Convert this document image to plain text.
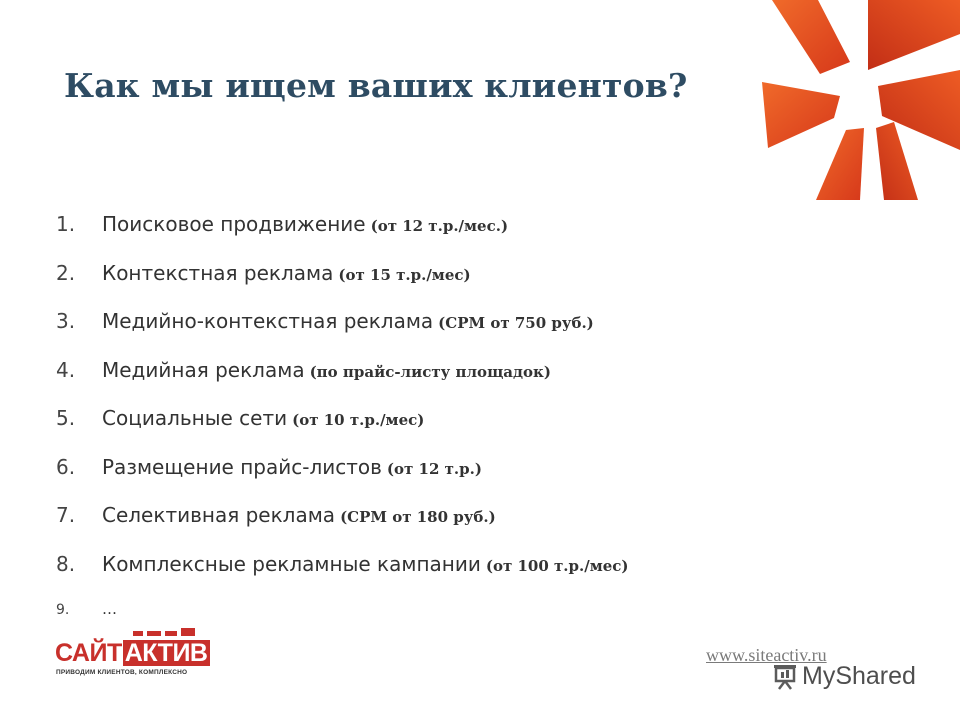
Как мы ищем ваших клиентов?
1.	Поисковое продвижение (от 12 т.р./мес.)
2.	Контекстная реклама (от 15 т.р./мес)
3.	Медийно-контекстная реклама (CPM от 750 руб.)
4.	Медийная реклама (по прайс-листу площадок)
5.	Социальные сети (от 10 т.р./мес)
6.	Размещение прайс-листов (от 12 т.р.)
7.	Селективная реклама (CPM от 180 руб.)
8.	Комплексные рекламные кампании (от 100 т.р./мес)
9.	…
САЙТ АКТИВ
ПРИВОДИМ КЛИЕНТОВ, КОМПЛЕКСНО
www.siteactiv.ru
MyShared
